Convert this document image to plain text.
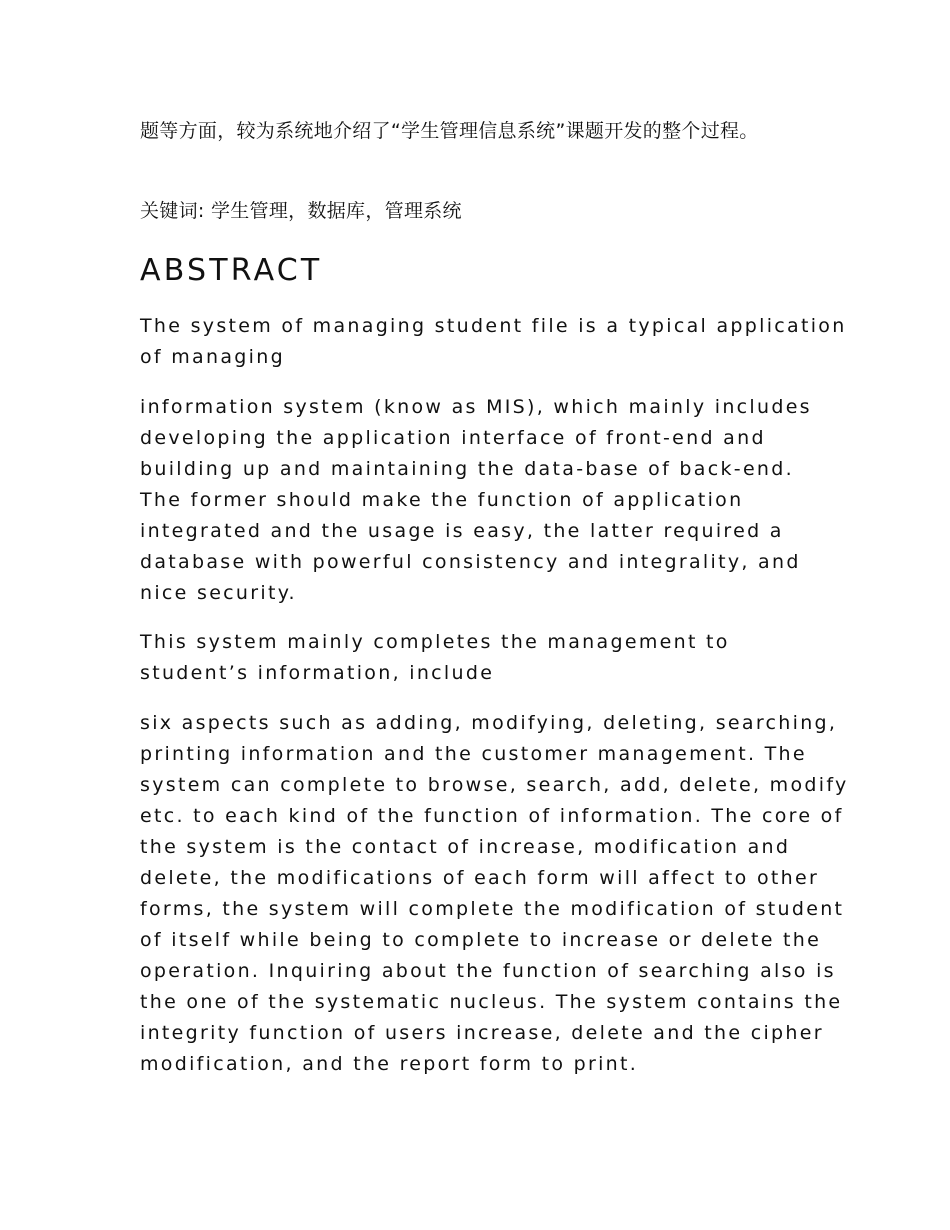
题等方面，较为系统地介绍了“学生管理信息系统”课题开发的整个过程。
关键词: 学生管理，数据库，管理系统
ABSTRACT

The system of managing student file is a typical application
of managing

information system (know as MIS), which mainly includes
developing the application interface of front-end and
building up and maintaining the data-base of back-end.
The former should make the function of application
integrated and the usage is easy, the latter required a
database with powerful consistency and integrality, and
nice security.

This system mainly completes the management to
student’s information, include

six aspects such as adding, modifying, deleting, searching,
printing information and the customer management. The
system can complete to browse, search, add, delete, modify
etc. to each kind of the function of information. The core of
the system is the contact of increase, modification and
delete, the modifications of each form will affect to other
forms, the system will complete the modification of student
of itself while being to complete to increase or delete the
operation. Inquiring about the function of searching also is
the one of the systematic nucleus. The system contains the
integrity function of users increase, delete and the cipher
modification, and the report form to print.
